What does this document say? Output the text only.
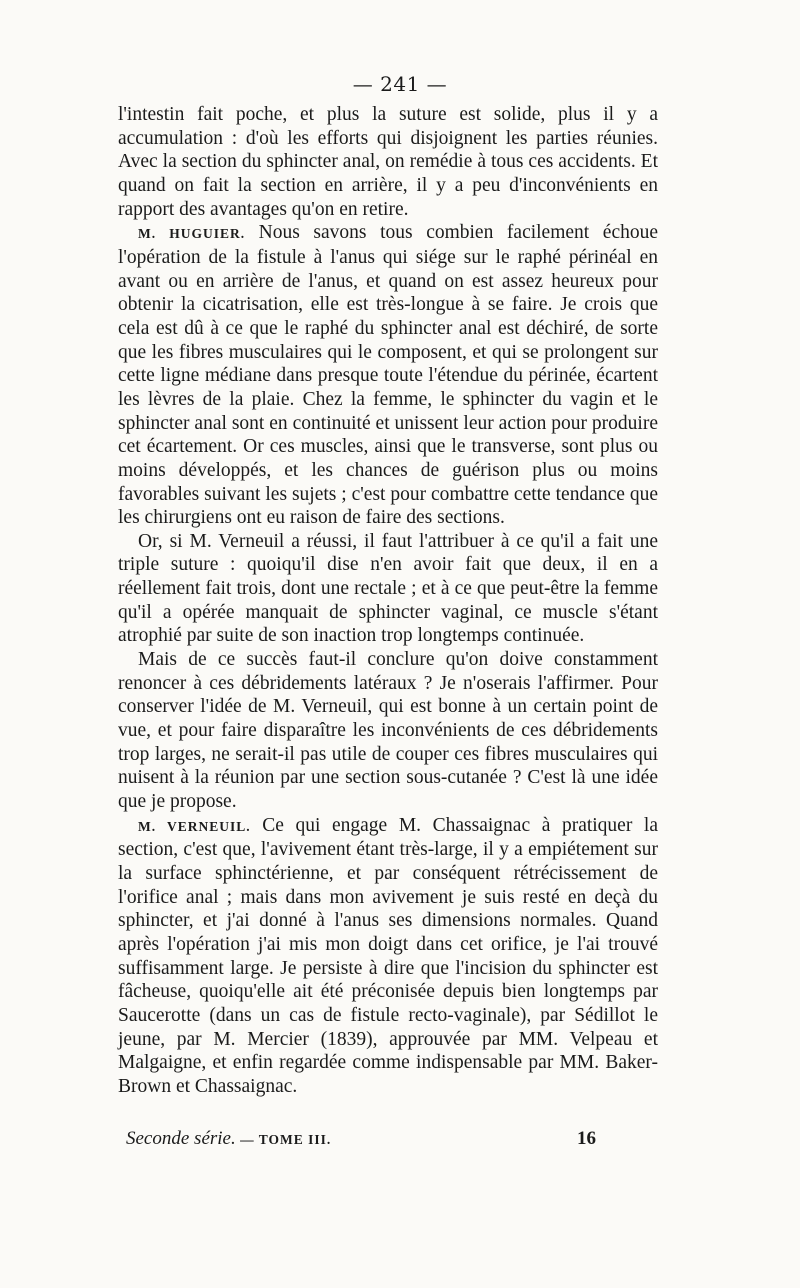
— 241 —

l'intestin fait poche, et plus la suture est solide, plus il y a accumulation : d'où les efforts qui disjoignent les parties réunies. Avec la section du sphincter anal, on remédie à tous ces accidents. Et quand on fait la section en arrière, il y a peu d'inconvénients en rapport des avantages qu'on en retire.

M. HUGUIER. Nous savons tous combien facilement échoue l'opération de la fistule à l'anus qui siége sur le raphé périnéal en avant ou en arrière de l'anus, et quand on est assez heureux pour obtenir la cicatrisation, elle est très-longue à se faire. Je crois que cela est dû à ce que le raphé du sphincter anal est déchiré, de sorte que les fibres musculaires qui le composent, et qui se prolongent sur cette ligne médiane dans presque toute l'étendue du périnée, écartent les lèvres de la plaie. Chez la femme, le sphincter du vagin et le sphincter anal sont en continuité et unissent leur action pour produire cet écartement. Or ces muscles, ainsi que le transverse, sont plus ou moins développés, et les chances de guérison plus ou moins favorables suivant les sujets ; c'est pour combattre cette tendance que les chirurgiens ont eu raison de faire des sections.

Or, si M. Verneuil a réussi, il faut l'attribuer à ce qu'il a fait une triple suture : quoiqu'il dise n'en avoir fait que deux, il en a réellement fait trois, dont une rectale ; et à ce que peut-être la femme qu'il a opérée manquait de sphincter vaginal, ce muscle s'étant atrophié par suite de son inaction trop longtemps continuée.

Mais de ce succès faut-il conclure qu'on doive constamment renoncer à ces débridements latéraux ? Je n'oserais l'affirmer. Pour conserver l'idée de M. Verneuil, qui est bonne à un certain point de vue, et pour faire disparaître les inconvénients de ces débridements trop larges, ne serait-il pas utile de couper ces fibres musculaires qui nuisent à la réunion par une section sous-cutanée ? C'est là une idée que je propose.

M. VERNEUIL. Ce qui engage M. Chassaignac à pratiquer la section, c'est que, l'avivement étant très-large, il y a empiétement sur la surface sphinctérienne, et par conséquent rétrécissement de l'orifice anal ; mais dans mon avivement je suis resté en deçà du sphincter, et j'ai donné à l'anus ses dimensions normales. Quand après l'opération j'ai mis mon doigt dans cet orifice, je l'ai trouvé suffisamment large. Je persiste à dire que l'incision du sphincter est fâcheuse, quoiqu'elle ait été préconisée depuis bien longtemps par Saucerotte (dans un cas de fistule recto-vaginale), par Sédillot le jeune, par M. Mercier (1839), approuvée par MM. Velpeau et Malgaigne, et enfin regardée comme indispensable par MM. Baker-Brown et Chassaignac.

Seconde série. — TOME III.	16
